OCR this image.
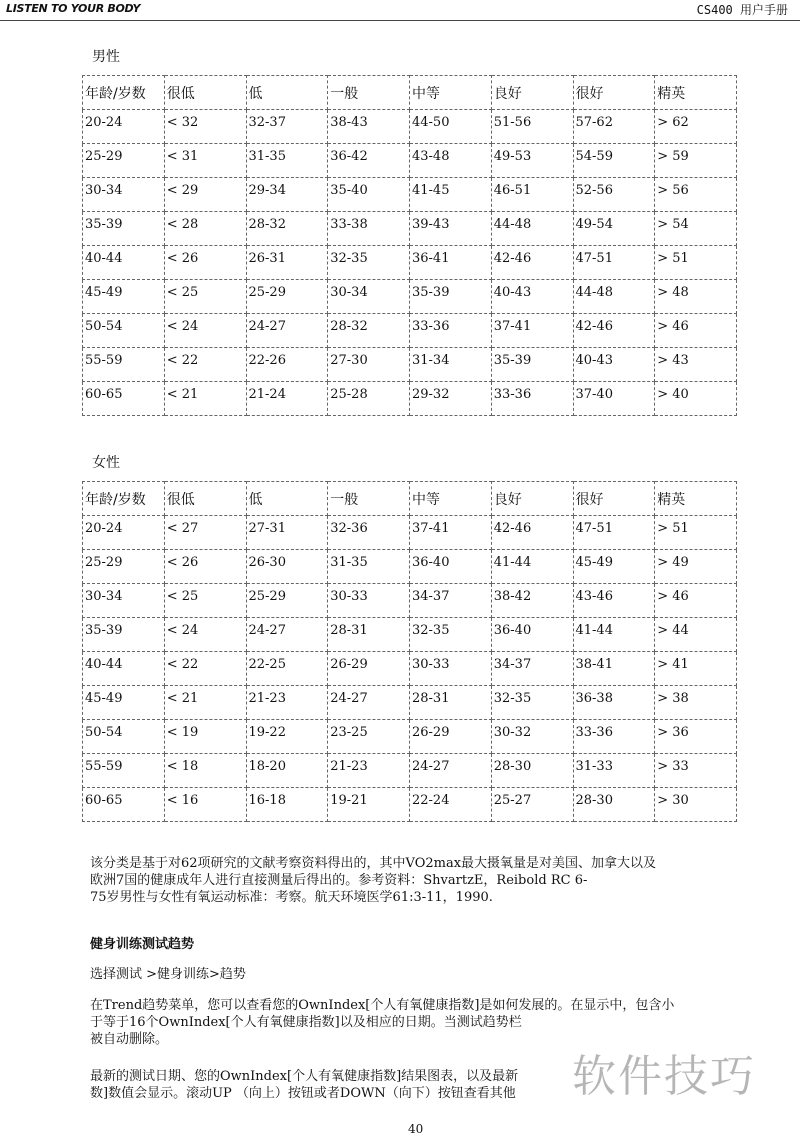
LISTEN TO YOUR BODY	CS400 用户手册
男性
年龄/岁数	很低	低	一般	中等	良好	很好	精英
20-24	< 32	32-37	38-43	44-50	51-56	57-62	> 62
25-29	< 31	31-35	36-42	43-48	49-53	54-59	> 59
30-34	< 29	29-34	35-40	41-45	46-51	52-56	> 56
35-39	< 28	28-32	33-38	39-43	44-48	49-54	> 54
40-44	< 26	26-31	32-35	36-41	42-46	47-51	> 51
45-49	< 25	25-29	30-34	35-39	40-43	44-48	> 48
50-54	< 24	24-27	28-32	33-36	37-41	42-46	> 46
55-59	< 22	22-26	27-30	31-34	35-39	40-43	> 43
60-65	< 21	21-24	25-28	29-32	33-36	37-40	> 40
女性
年龄/岁数	很低	低	一般	中等	良好	很好	精英
20-24	< 27	27-31	32-36	37-41	42-46	47-51	> 51
25-29	< 26	26-30	31-35	36-40	41-44	45-49	> 49
30-34	< 25	25-29	30-33	34-37	38-42	43-46	> 46
35-39	< 24	24-27	28-31	32-35	36-40	41-44	> 44
40-44	< 22	22-25	26-29	30-33	34-37	38-41	> 41
45-49	< 21	21-23	24-27	28-31	32-35	36-38	> 38
50-54	< 19	19-22	23-25	26-29	30-32	33-36	> 36
55-59	< 18	18-20	21-23	24-27	28-30	31-33	> 33
60-65	< 16	16-18	19-21	22-24	25-27	28-30	> 30
该分类是基于对62项研究的文献考察资料得出的，其中VO2max最大摄氧量是对美国、加拿大以及
欧洲7国的健康成年人进行直接测量后得出的。参考资料：ShvartzE，Reibold RC 6-
75岁男性与女性有氧运动标准：考察。航天环境医学61:3-11，1990.
健身训练测试趋势
选择测试 >健身训练>趋势
在Trend趋势菜单，您可以查看您的OwnIndex[个人有氧健康指数]是如何发展的。在显示中，包含小
于等于16个OwnIndex[个人有氧健康指数]以及相应的日期。当测试趋势栏
被自动删除。
最新的测试日期、您的OwnIndex[个人有氧健康指数]结果图表，以及最新
数]数值会显示。滚动UP （向上）按钮或者DOWN（向下）按钮查看其他	软件技巧
40
